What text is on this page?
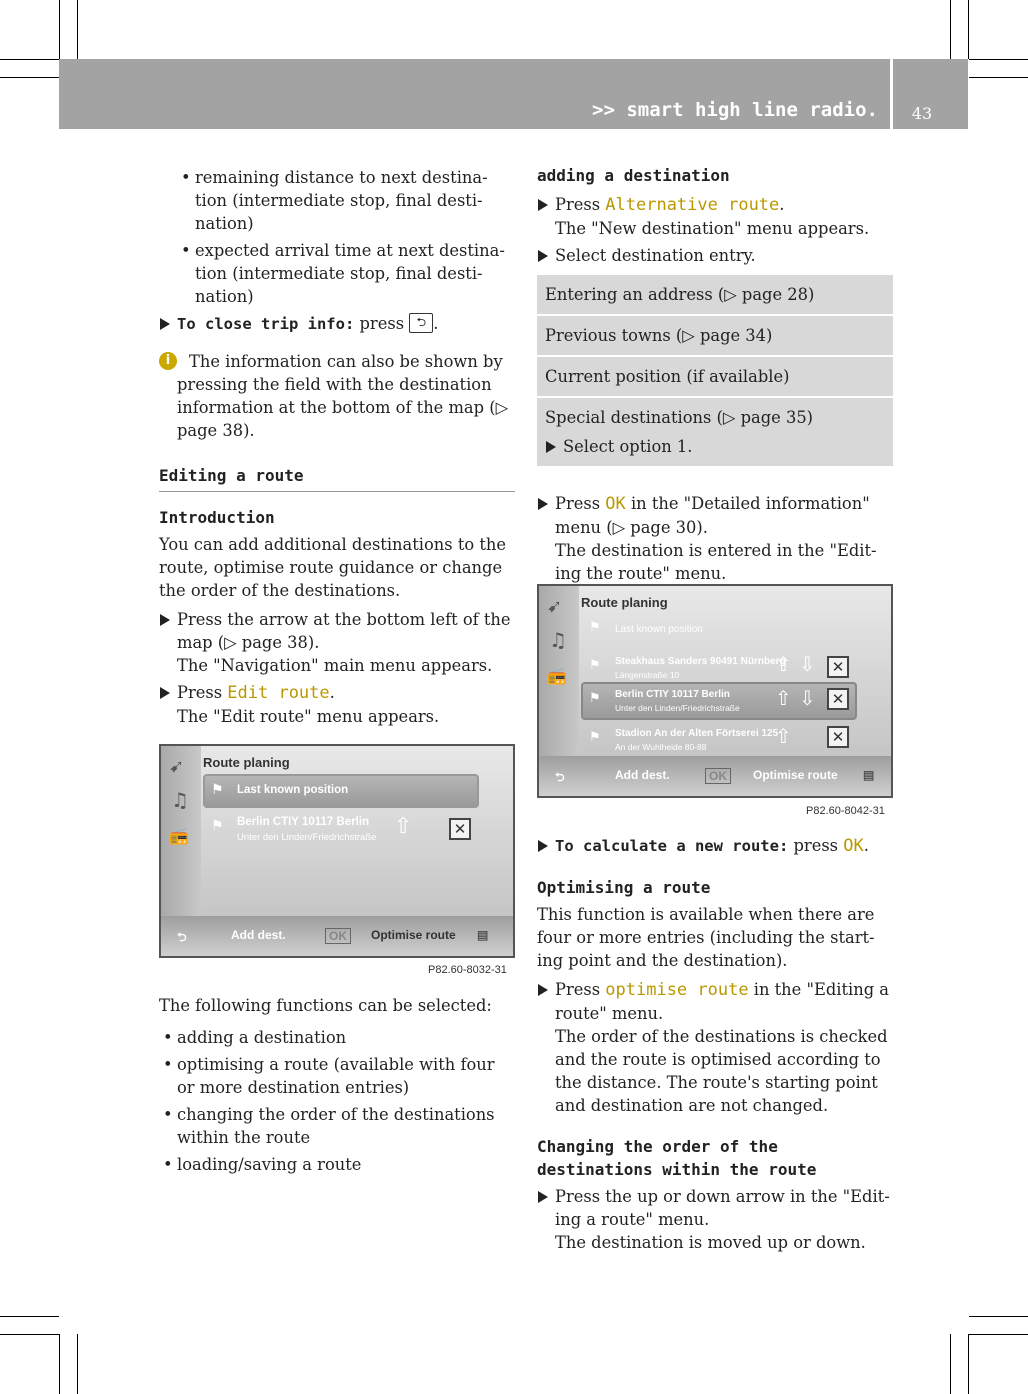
>> smart high line radio.	43

• remaining distance to next destina-tion (intermediate stop, final desti-nation)

• expected arrival time at next destina-tion (intermediate stop, final desti-nation)

To close trip info: press ⮌ .

i	The information can also be shown by pressing the field with the destination information at the bottom of the map (▷ page 38).

Editing a route

Introduction

You can add additional destinations to the route, optimise route guidance or change the order of the destinations.

Press the arrow at the bottom left of the map (▷ page 38).
The "Navigation" main menu appears.

Press Edit route.
The "Edit route" menu appears.

➹
♫
📻
Route planing
⚑ Last known position
⚑ Berlin CTIY 10117 Berlin
Unter den Linden/Friedrichstraße ⇧	✕
⮌	Add dest.	OK	Optimise route ▤
P82.60-8032-31

The following functions can be selected:

• adding a destination

• optimising a route (available with four or more destination entries)

• changing the order of the destinations within the route

• loading/saving a route

adding a destination

Press Alternative route.
The "New destination" menu appears.

Select destination entry.

Entering an address (▷ page 28)
Previous towns (▷ page 34)
Current position (if available)
Special destinations (▷ page 35)
Select option 1.

Press OK in the "Detailed information" menu (▷ page 30).
The destination is entered in the "Edit-ing the route" menu.

➹
♫
📻
Route planing
⚑ Last known position
⚑ Steakhaus Sanders 90491 Nürnberg
Längenstraße 10
⚑ Berlin CTIY 10117 Berlin
Unter den Linden/Friedrichstraße
⚑ Stadion An der Alten Förtserei 125
An der Wuhlheide 80-88
⇧ ⇩	✕
⇧ ⇩	✕
⇧	✕
⮌	Add dest.	OK	Optimise route ▤
P82.60-8042-31

To calculate a new route: press OK.

Optimising a route

This function is available when there are four or more entries (including the start-ing point and the destination).

Press optimise route in the "Editing a route" menu.
The order of the destinations is checked and the route is optimised according to the distance. The route's starting point and destination are not changed.

Changing the order of the destinations within the route

Press the up or down arrow in the "Edit-ing a route" menu.
The destination is moved up or down.
